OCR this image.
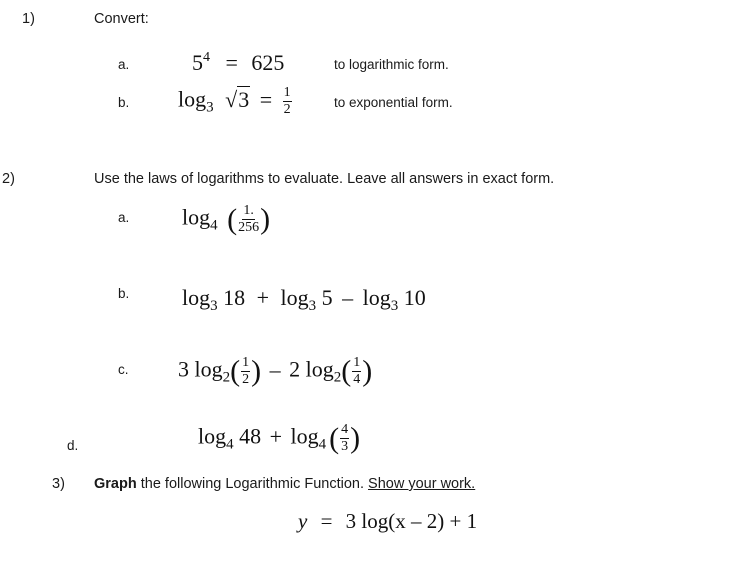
1)	Convert:
a.	$5^4 = 625$	to logarithmic form.
b. $\log_3 √3 = \frac{1}{2}$	to exponential form.
2)	Use the laws of logarithms to evaluate. Leave all answers in exact form.
a. $\log_4$ ( $\frac{1.}{256}$ )
b. $\log_3 18 + \log_3 5 - \log_3 10$
c. 3 $\log_2( \frac{1}{2}$ ) – 2 $\log_2( \frac{1}{4}$ )
d.	$\log_4 48 + \log_4$ ( $\frac{4}{3}$ )
3) Graph the following Logarithmic Function. Show your work.
y = 3 log(x – 2) + 1
